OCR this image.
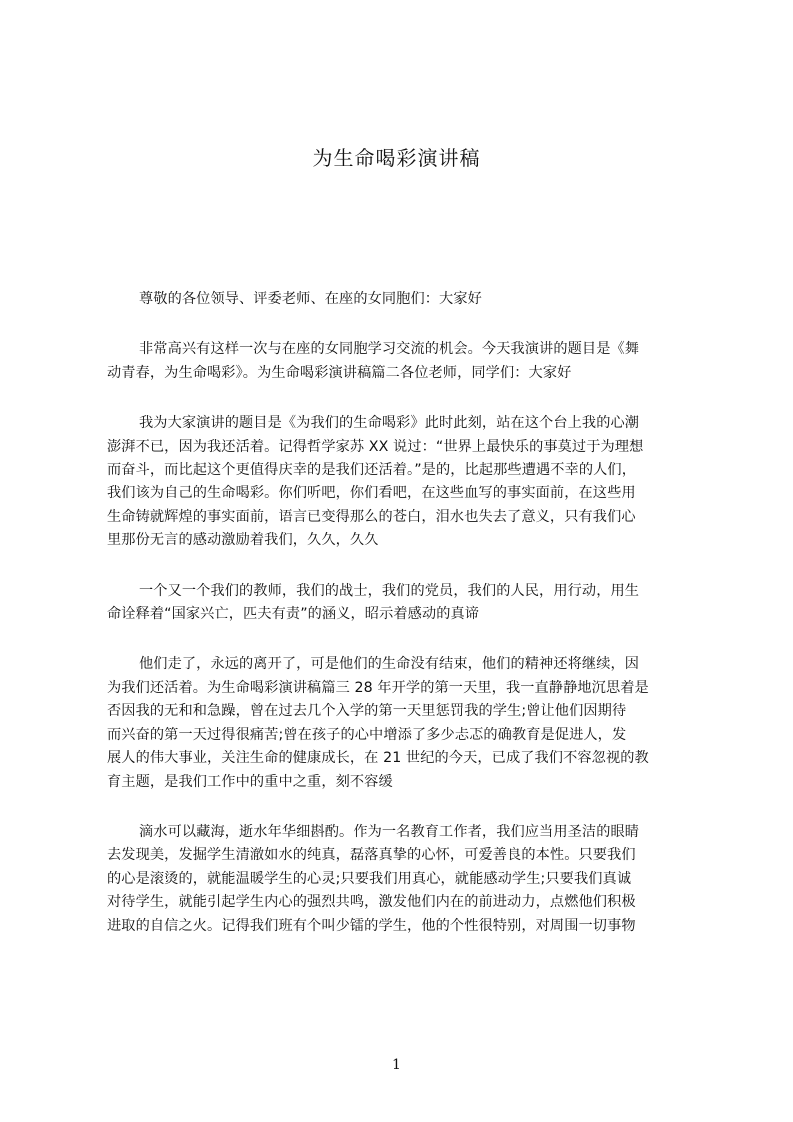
为生命喝彩演讲稿

尊敬的各位领导、评委老师、在座的女同胞们：大家好

非常高兴有这样一次与在座的女同胞学习交流的机会。今天我演讲的题目是《舞
动青春，为生命喝彩》。为生命喝彩演讲稿篇二各位老师，同学们：大家好

我为大家演讲的题目是《为我们的生命喝彩》此时此刻，站在这个台上我的心潮
澎湃不已，因为我还活着。记得哲学家苏 XX 说过：“世界上最快乐的事莫过于为理想
而奋斗，而比起这个更值得庆幸的是我们还活着。”是的，比起那些遭遇不幸的人们，
我们该为自己的生命喝彩。你们听吧，你们看吧，在这些血写的事实面前，在这些用
生命铸就辉煌的事实面前，语言已变得那么的苍白，泪水也失去了意义，只有我们心
里那份无言的感动激励着我们，久久，久久

一个又一个我们的教师，我们的战士，我们的党员，我们的人民，用行动，用生
命诠释着“国家兴亡，匹夫有责”的涵义，昭示着感动的真谛

他们走了，永远的离开了，可是他们的生命没有结束，他们的精神还将继续，因
为我们还活着。为生命喝彩演讲稿篇三 28 年开学的第一天里，我一直静静地沉思着是
否因我的无和和急躁，曾在过去几个入学的第一天里惩罚我的学生;曾让他们因期待
而兴奋的第一天过得很痛苦;曾在孩子的心中增添了多少忐忑的确教育是促进人，发
展人的伟大事业，关注生命的健康成长，在 21 世纪的今天，已成了我们不容忽视的教
育主题，是我们工作中的重中之重，刻不容缓

滴水可以藏海，逝水年华细斟酌。作为一名教育工作者，我们应当用圣洁的眼睛
去发现美，发掘学生清澈如水的纯真，磊落真挚的心怀，可爱善良的本性。只要我们
的心是滚烫的，就能温暖学生的心灵;只要我们用真心，就能感动学生;只要我们真诚
对待学生，就能引起学生内心的强烈共鸣，激发他们内在的前进动力，点燃他们积极
进取的自信之火。记得我们班有个叫少镭的学生，他的个性很特别，对周围一切事物

1
